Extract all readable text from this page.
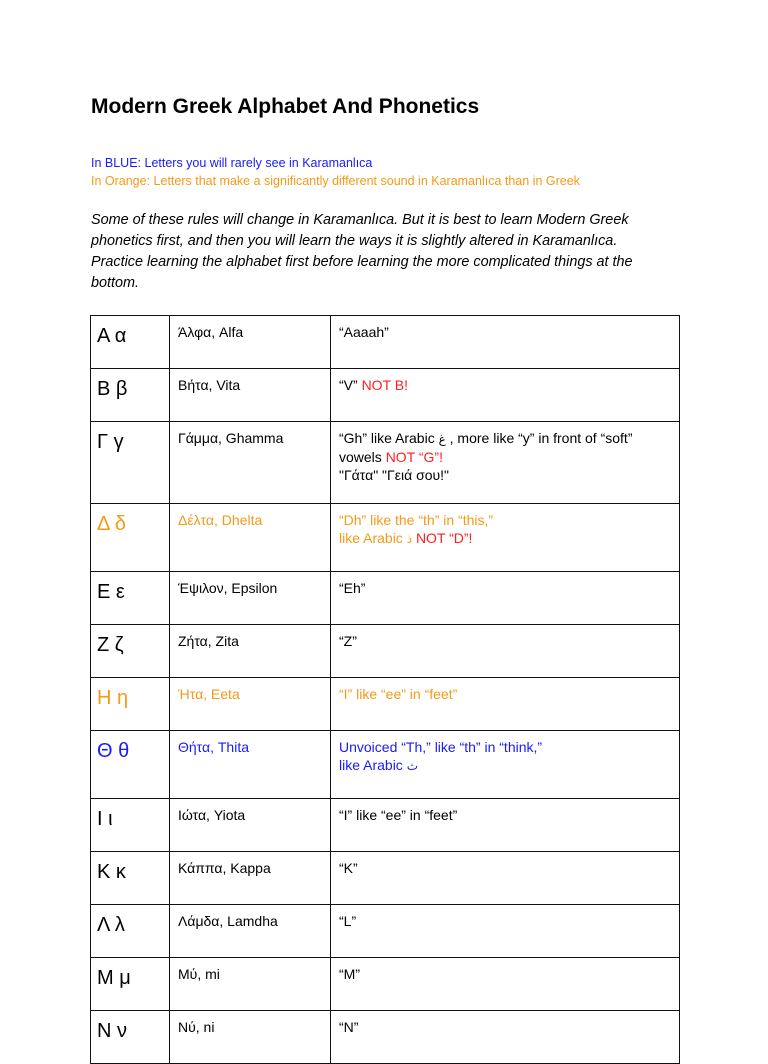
Modern Greek Alphabet And Phonetics
In BLUE: Letters you will rarely see in Karamanlıca
In Orange: Letters that make a significantly different sound in Karamanlıca than in Greek

Some of these rules will change in Karamanlıca. But it is best to learn Modern Greek phonetics first, and then you will learn the ways it is slightly altered in Karamanlıca. Practice learning the alphabet first before learning the more complicated things at the bottom.

Α α	Άλφα, Alfa	“Aaaah”
Β β	Βήτα, Vita	“V” NOT B!
Γ γ	Γάμμα, Ghamma	“Gh” like Arabic غ , more like “y” in front of “soft”
vowels NOT “G”!
"Γάτα" "Γειά σου!"

Δ δ	Δέλτα, Dhelta	“Dh” like the “th” in “this,”
like Arabic ذ NOT “D”!

Ε ε	Έψιλον, Epsilon	“Eh”
Ζ ζ	Ζήτα, Zita	“Z”
Η η	Ήτα, Eeta	“I” like “ee” in “feet”
Θ θ	Θήτα, Thita	Unvoiced “Th,” like “th” in “think,”
like Arabic ث

Ι ι	Ιώτα, Yiota	“I” like “ee” in “feet”
Κ κ	Κάππα, Kappa	“K”
Λ λ	Λάμδα, Lamdha	“L”
Μ μ	Μύ, mi	“M”
Ν ν	Νύ, ni	“N”
